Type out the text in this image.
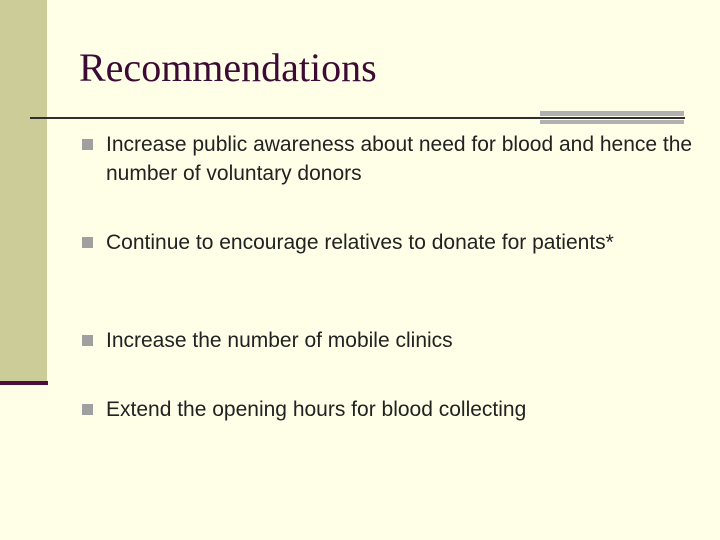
Recommendations
Increase public awareness about need for blood and hence the number of voluntary donors
Continue to encourage relatives to donate for patients*
Increase the number of mobile clinics
Extend the opening hours for blood collecting
